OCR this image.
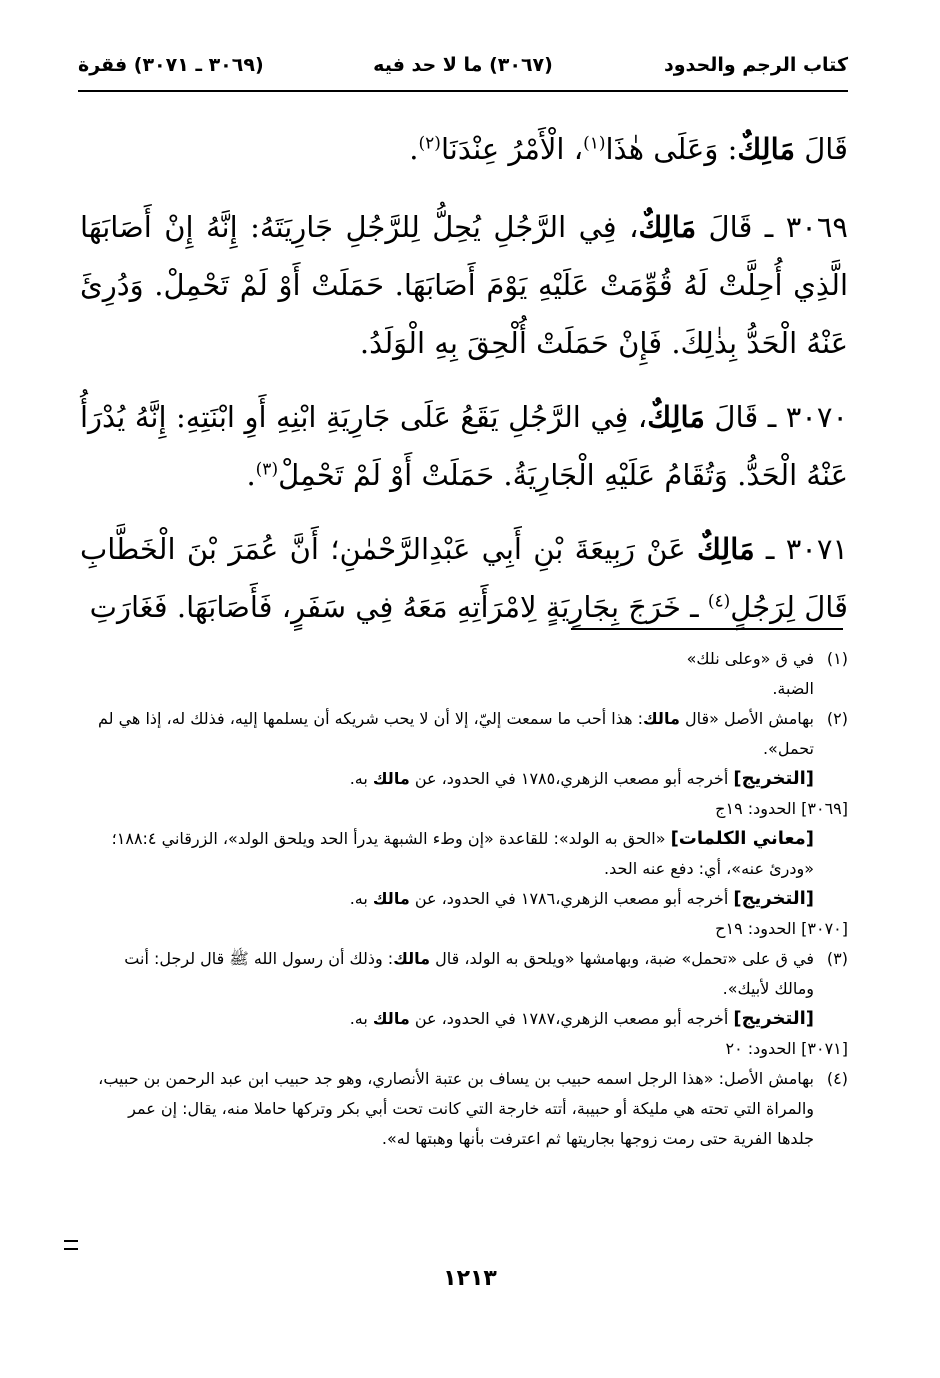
كتاب الرجم والحدود
(٣٠٦٧) ما لا حد فيه
(٣٠٦٩ ـ ٣٠٧١) فقرة

قَالَ مَالِكٌ: وَعَلَى هٰذَا$^{(١)}$، الْأَمْرُ عِنْدَنَا$^{(٢)}$.

٣٠٦٩ ـ قَالَ مَالِكٌ، فِي الرَّجُلِ يُحِلُّ لِلرَّجُلِ جَارِيَتَهُ: إِنَّهُ إِنْ أَصَابَهَا الَّذِي أُحِلَّتْ لَهُ قُوِّمَتْ عَلَيْهِ يَوْمَ أَصَابَهَا. حَمَلَتْ أَوْ لَمْ تَحْمِلْ. وَدُرِئَ عَنْهُ الْحَدُّ بِذٰلِكَ. فَإِنْ حَمَلَتْ أُلْحِقَ بِهِ الْوَلَدُ.

٣٠٧٠ ـ قَالَ مَالِكٌ، فِي الرَّجُلِ يَقَعُ عَلَى جَارِيَةِ ابْنِهِ أَوِ ابْنَتِهِ: إِنَّهُ يُدْرَأُ عَنْهُ الْحَدُّ. وَتُقَامُ عَلَيْهِ الْجَارِيَةُ. حَمَلَتْ أَوْ لَمْ تَحْمِلْ$^{(٣)}$.

٣٠٧١ ـ مَالِكٌ عَنْ رَبِيعَةَ بْنِ أَبِي عَبْدِالرَّحْمٰنِ؛ أَنَّ عُمَرَ بْنَ الْخَطَّابِ قَالَ لِرَجُلٍ$^{(٤)}$ ـ خَرَجَ بِجَارِيَةٍ لِامْرَأَتِهِ مَعَهُ فِي سَفَرٍ، فَأَصَابَهَا. فَغَارَتِ

(١)
في ق «وعلى نلك»
الضبة.
(٢)
بهامش الأصل «قال مالك: هذا أحب ما سمعت إليّ، إلا أن لا يحب شريكه أن يسلمها إليه، فذلك له، إذا هي لم تحمل».
[التخريج] أخرجه أبو مصعب الزهري،١٧٨٥ في الحدود، عن مالك به.
[٣٠٦٩] الحدود: ١٩ج
[معاني الكلمات] «الحق به الولد»: للقاعدة «إن وطء الشبهة يدرأ الحد ويلحق الولد»، الزرقاني ١٨٨:٤؛ «ودرئ عنه»، أي: دفع عنه الحد.
[التخريج] أخرجه أبو مصعب الزهري،١٧٨٦ في الحدود، عن مالك به.
[٣٠٧٠] الحدود: ١٩ح
(٣)
في ق على «تحمل» ضبة، وبهامشها «ويلحق به الولد، قال مالك: وذلك أن رسول الله ﷺ قال لرجل: أنت ومالك لأبيك».
[التخريج] أخرجه أبو مصعب الزهري،١٧٨٧ في الحدود، عن مالك به.
[٣٠٧١] الحدود: ٢٠
(٤)
بهامش الأصل: «هذا الرجل اسمه حبيب بن يساف بن عتبة الأنصاري، وهو جد حبيب ابن عبد الرحمن بن حبيب، والمراة التي تحته هي مليكة أو حبيبة، أتته خارجة التي كانت تحت أبي بكر وتركها حاملا منه، يقال: إن عمر جلدها الفرية حتى رمت زوجها بجاريتها ثم اعترفت بأنها وهبتها له».
١٢١٣
